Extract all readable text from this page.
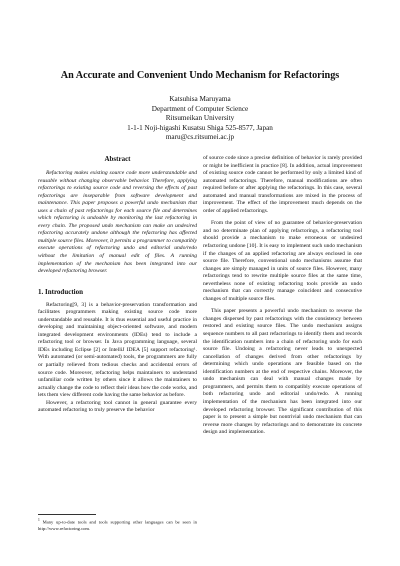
An Accurate and Convenient Undo Mechanism for Refactorings
Katsuhisa Maruyama
Department of Computer Science
Ritsumeikan University
1-1-1 Noji-higashi Kusatsu Shiga 525-8577, Japan
maru@cs.ritsumei.ac.jp
Abstract

Refactoring makes existing source code more understandable and reusable without changing observable behavior. Therefore, applying refactorings to existing source code and reversing the effects of past refactorings are inseparable from software development and maintenance. This paper proposes a powerful undo mechanism that uses a chain of past refactorings for each source file and determines which refactoring is undoable by monitoring the last refactoring in every chain. The proposed undo mechanism can make an undesired refactoring accurately undone although the refactoring has affected multiple source files. Moreover, it permits a programmer to compatibly execute operations of refactoring undo and editorial undo/redo without the limitation of manual edit of files. A running implementation of the mechanism has been integrated into our developed refactoring browser.

1. Introduction

Refactoring[9, 3] is a behavior-preservation transformation and facilitates programmers making existing source code more understandable and reusable. It is thus essential and useful practice in developing and maintaining object-oriented software, and modern integrated development environments (IDEs) tend to include a refactoring tool or browser. In Java programming language, several IDEs including Eclipse [2] or IntelliJ IDEA [5] support refactoring¹. With automated (or semi-automated) tools, the programmers are fully or partially relieved from tedious checks and accidental errors of source code. Moreover, refactoring helps maintainers to understand unfamiliar code written by others since it allows the maintainers to actually change the code to reflect their ideas how the code works, and lets them view different code having the same behavior as before.

However, a refactoring tool cannot in general guarantee every automated refactoring to truly preserve the behavior

of source code since a precise definition of behavior is rarely provided or might be inefficient in practice [8]. In addition, actual improvement of existing source code cannot be performed by only a limited kind of automated refactorings. Therefore, manual modifications are often required before or after applying the refactorings. In this case, several automated and manual transformations are mixed in the process of improvement. The effect of the improvement much depends on the order of applied refactorings.

From the point of view of no guarantee of behavior-preservation and no determinate plan of applying refactorings, a refactoring tool should provide a mechanism to make erroneous or undesired refactoring undone [10]. It is easy to implement such undo mechanism if the changes of an applied refactoring are always enclosed in one source file. Therefore, conventional undo mechanisms assume that changes are simply managed in units of source files. However, many refactorings tend to rewrite multiple source files at the same time, nevertheless none of existing refactoring tools provide an undo mechanism that can correctly manage coincident and consecutive changes of multiple source files.

This paper presents a powerful undo mechanism to reverse the changes dispersed by past refactorings with the consistency between restored and existing source files. The undo mechanism assigns sequence numbers to all past refactorings to identify them and records the identification numbers into a chain of refactoring undo for each source file. Undoing a refactoring never leads to unexpected cancellation of changes derived from other refactorings by determining which undo operations are feasible based on the identification numbers at the end of respective chains. Moreover, the undo mechanism can deal with manual changes made by programmers, and permits them to compatibly execute operations of both refactoring undo and editorial undo/redo. A running implementation of the mechanism has been integrated into our developed refactoring browser. The significant contribution of this paper is to present a simple but nontrivial undo mechanism that can reverse more changes by refactorings and to demonstrate its concrete design and implementation.

$^1$ Many up-to-date tools and tools supporting other languages can be seen in http://www.refactoring.com.
